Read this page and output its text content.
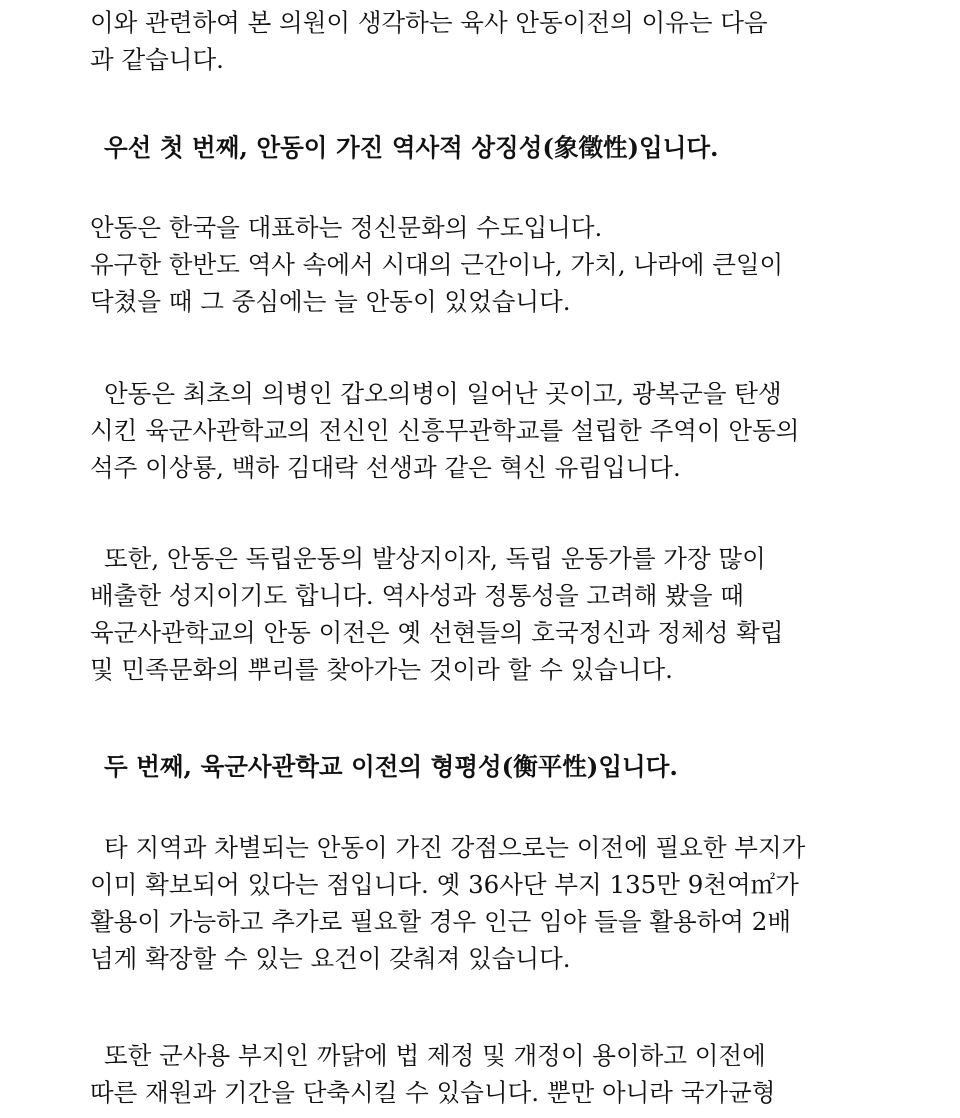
이와 관련하여 본 의원이 생각하는 육사 안동이전의 이유는 다음
과 같습니다.
우선 첫 번째, 안동이 가진 역사적 상징성(象徵性)입니다.
안동은 한국을 대표하는 정신문화의 수도입니다.
유구한 한반도 역사 속에서 시대의 근간이나, 가치, 나라에 큰일이
닥쳤을 때 그 중심에는 늘 안동이 있었습니다.
안동은 최초의 의병인 갑오의병이 일어난 곳이고, 광복군을 탄생
시킨 육군사관학교의 전신인 신흥무관학교를 설립한 주역이 안동의
석주 이상룡, 백하 김대락 선생과 같은 혁신 유림입니다.
또한, 안동은 독립운동의 발상지이자, 독립 운동가를 가장 많이
배출한 성지이기도 합니다. 역사성과 정통성을 고려해 봤을 때
육군사관학교의 안동 이전은 옛 선현들의 호국정신과 정체성 확립
및 민족문화의 뿌리를 찾아가는 것이라 할 수 있습니다.
두 번째, 육군사관학교 이전의 형평성(衡平性)입니다.
타 지역과 차별되는 안동이 가진 강점으로는 이전에 필요한 부지가
이미 확보되어 있다는 점입니다. 옛 36사단 부지 135만 9천여㎡가
활용이 가능하고 추가로 필요할 경우 인근 임야 들을 활용하여 2배
넘게 확장할 수 있는 요건이 갖춰져 있습니다.
또한 군사용 부지인 까닭에 법 제정 및 개정이 용이하고 이전에
따른 재원과 기간을 단축시킬 수 있습니다. 뿐만 아니라 국가균형
